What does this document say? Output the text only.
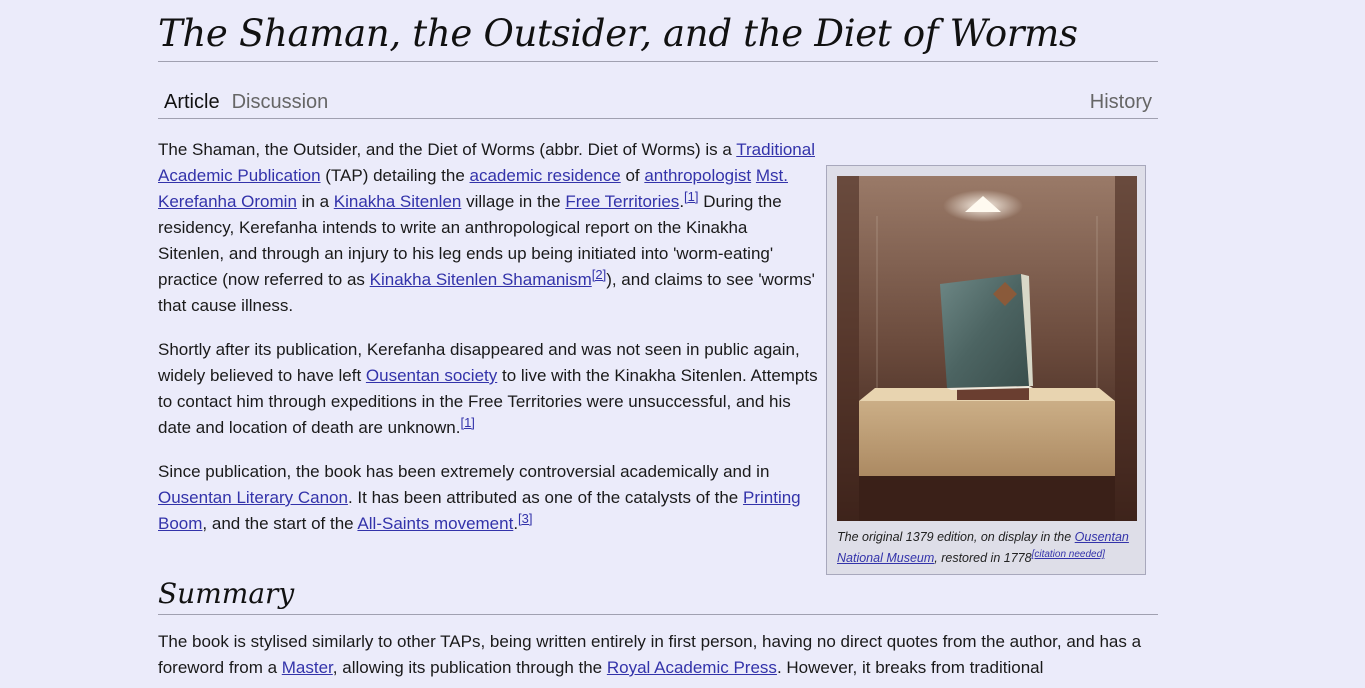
The Shaman, the Outsider, and the Diet of Worms
Article Discussion	History

The Shaman, the Outsider, and the Diet of Worms (abbr. Diet of Worms) is a Traditional Academic Publication (TAP) detailing the academic residence of anthropologist Mst. Kerefanha Oromin in a Kinakha Sitenlen village in the Free Territories.[1] During the residency, Kerefanha intends to write an anthropological report on the Kinakha Sitenlen, and through an injury to his leg ends up being initiated into 'worm-eating' practice (now referred to as Kinakha Sitenlen Shamanism[2]), and claims to see 'worms' that cause illness.

Shortly after its publication, Kerefanha disappeared and was not seen in public again, widely believed to have left Ousentan society to live with the Kinakha Sitenlen. Attempts to contact him through expeditions in the Free Territories were unsuccessful, and his date and location of death are unknown.[1]

Since publication, the book has been extremely controversial academically and in Ousentan Literary Canon. It has been attributed as one of the catalysts of the Printing Boom, and the start of the All-Saints movement.[3]

The original 1379 edition, on display in the Ousentan National Museum, restored in 1778[citation needed]
Summary

The book is stylised similarly to other TAPs, being written entirely in first person, having no direct quotes from the author, and has a foreword from a Master, allowing its publication through the Royal Academic Press. However, it breaks from traditional
